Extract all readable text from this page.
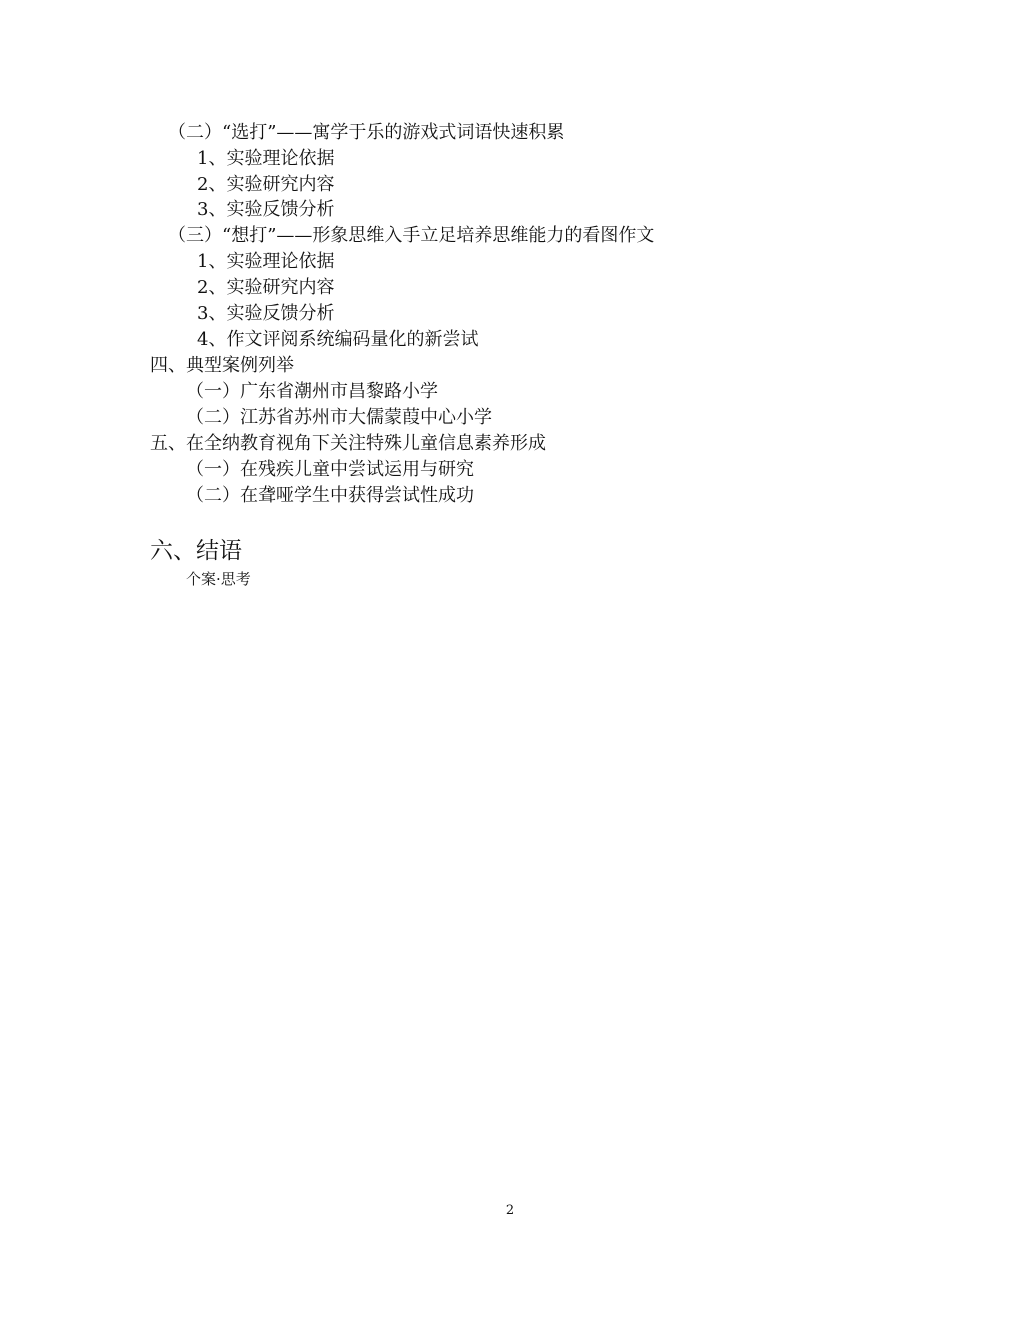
（二）“选打”——寓学于乐的游戏式词语快速积累
1、实验理论依据
2、实验研究内容
3、实验反馈分析
（三）“想打”——形象思维入手立足培养思维能力的看图作文
1、实验理论依据
2、实验研究内容
3、实验反馈分析
4、作文评阅系统编码量化的新尝试
四、典型案例列举
（一）广东省潮州市昌黎路小学
（二）江苏省苏州市大儒蒙葭中心小学
五、在全纳教育视角下关注特殊儿童信息素养形成
（一）在残疾儿童中尝试运用与研究
（二）在聋哑学生中获得尝试性成功
六、结语
个案·思考
2
